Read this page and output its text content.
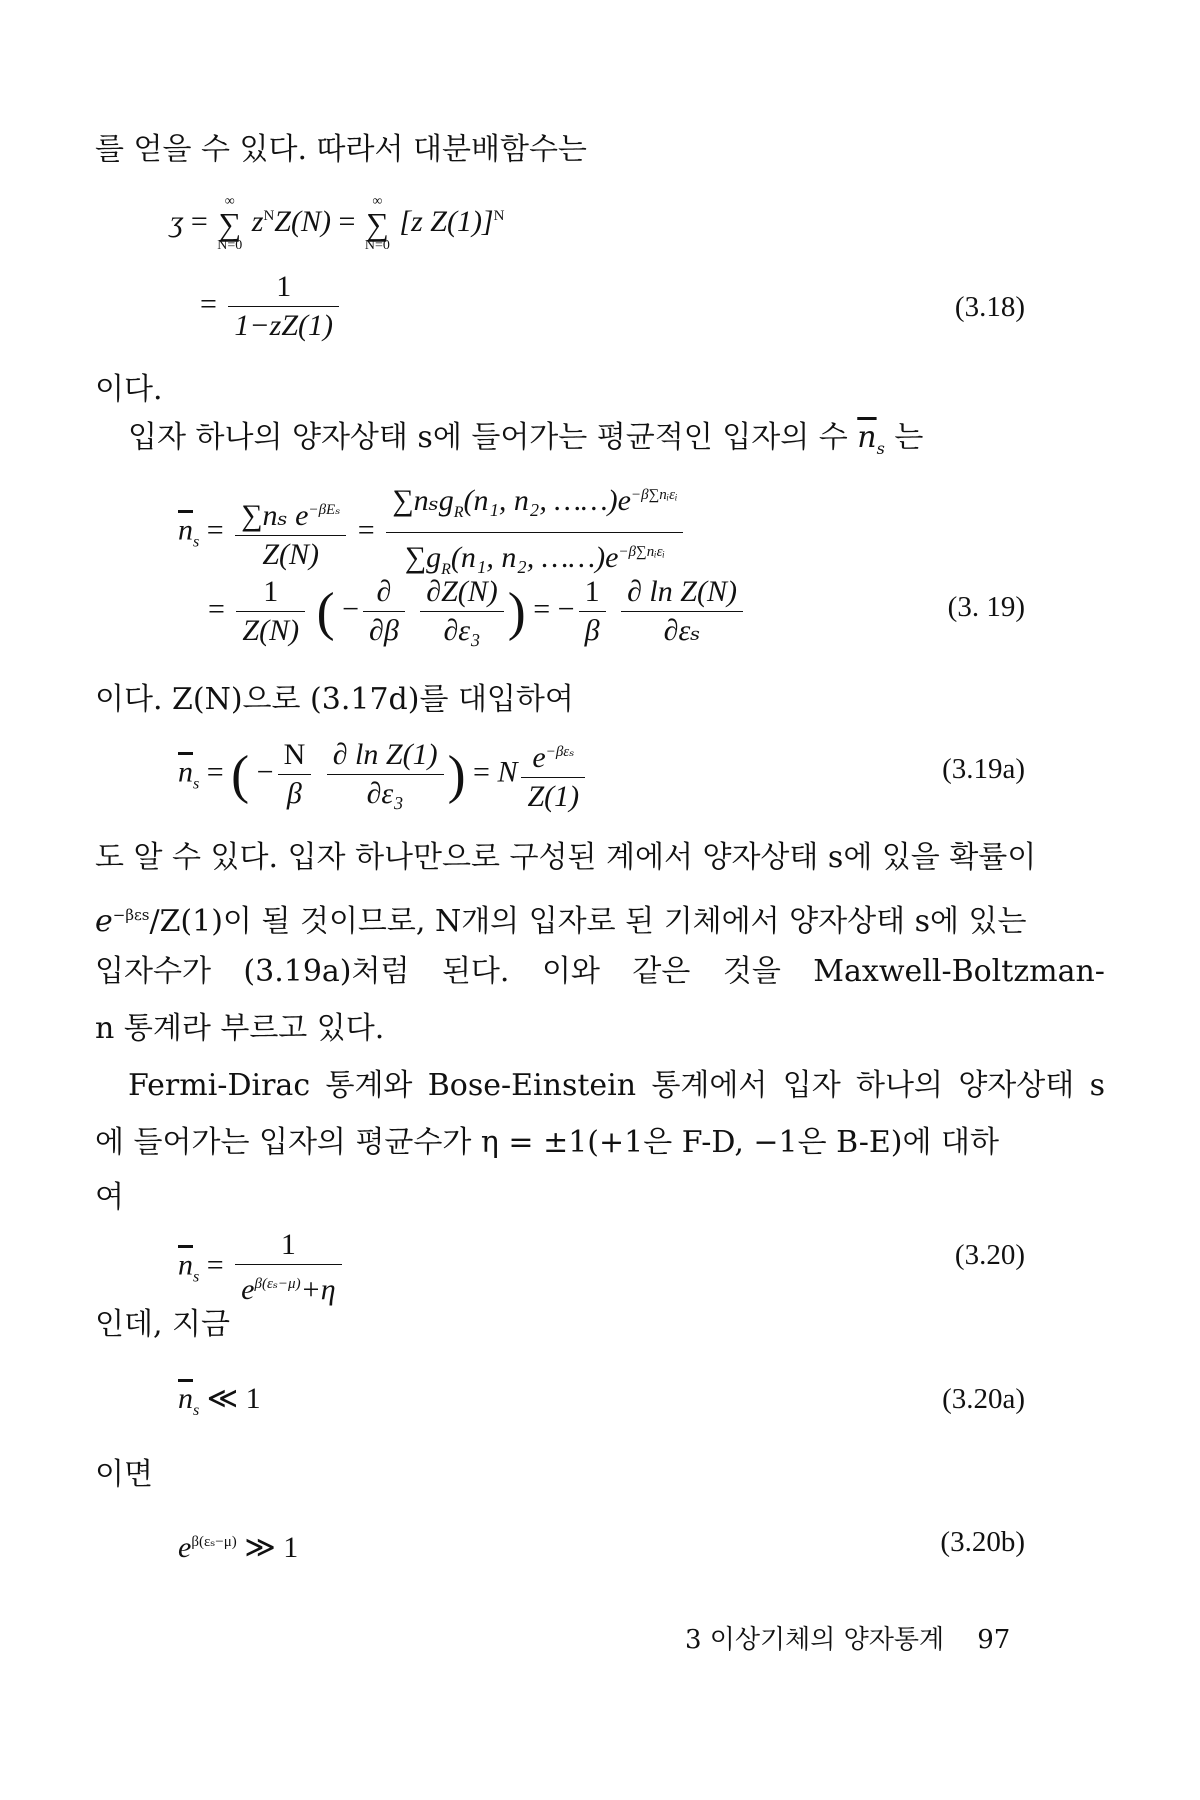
를 얻을 수 있다. 따라서 대분배함수는
ʒ = ∞
∑
N=0 $z^NZ(N)$ = ∞
∑
N=0 [z Z(1)]$^N$
= $\frac{1}{1-zZ(1)}$	(3.18)
이다.
입자 하나의 양자상태 s에 들어가는 평균적인 입자의 수 $\overline{n}_s$ 는
$\overline{n}_s = \sum n_s$ $e^{-\beta E_s}$
Z(N)
=
∑nₛg$_R$(n₁, n₂, $\dots\dots)e^{-\beta\sum nᵢ\varepsilon ᵢ}$
$\sum g_R(n_1$, n₂, $\dots\dots)e^{-\beta\sum nᵢ\varepsilon ᵢ}$
= $\frac{1}{Z(N)}$ ( −
∂
∂β
$\frac{\partial Z(N)}{\text{∂ε₃}}$ ) = − $\frac{1}{\beta}$
$\frac{\text{∂ ln Z(N)}}{\text{∂εₛ}}$	(3. 19)
이다. Z(N)으로 (3.17d)를 대입하여
$\overline{n}_s$ = ( − $\frac{N}{\beta}$
$\frac{\text{∂ ln Z(1)}}{\text{∂ε₃}}$ ) = N $e^{-\beta\varepsilon_s}$
Z(1)
(3.19a)
도 알 수 있다. 입자 하나만으로 구성된 계에서 양자상태 s에 있을 확률이
$e^{-\beta\varepsilon s}/Z(1)$이 될 것이므로, N개의 입자로 된 기체에서 양자상태 s에 있는
입자수가 (3.19a)처럼 된다. 이와 같은 것을 Maxwell-Boltzman-
n 통계라 부르고 있다.
Fermi-Dirac 통계와 Bose-Einstein 통계에서 입자 하나의 양자상태 s
에 들어가는 입자의 평균수가 η = ±1(+1은 F-D, −1은 B-E)에 대하
여
$\overline{n}_s = \frac{1}{e^{\beta(\varepsilon_s-\mu)}+\eta}$	(3.20)
인데, 지금
$\overline{n}_s$ ≪ 1	(3.20a)
이면
$e^{\beta(\varepsilon_s-\mu)}$ ≫ 1	(3.20b)
3 이상기체의 양자통계 97
